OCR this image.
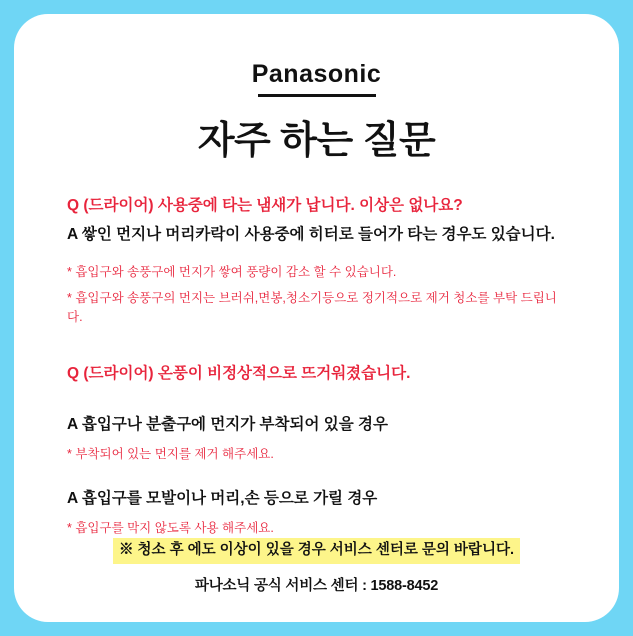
Panasonic
자주 하는 질문

Q (드라이어) 사용중에 타는 냄새가 납니다. 이상은 없나요?

A 쌓인 먼지나 머리카락이 사용중에 히터로 들어가 타는 경우도 있습니다.

* 흡입구와 송풍구에 먼지가 쌓여 풍량이 감소 할 수 있습니다.

* 흡입구와 송풍구의 먼지는 브러쉬,면봉,청소기등으로 정기적으로 제거 청소를 부탁 드립니다.

Q (드라이어) 온풍이 비정상적으로 뜨거워졌습니다.

A 흡입구나 분출구에 먼지가 부착되어 있을 경우

* 부착되어 있는 먼지를 제거 해주세요.

A 흡입구를 모발이나 머리,손 등으로 가릴 경우

* 흡입구를 막지 않도록 사용 해주세요.

※ 청소 후 에도 이상이 있을 경우 서비스 센터로 문의 바랍니다.
파나소닉 공식 서비스 센터 : 1588-8452
